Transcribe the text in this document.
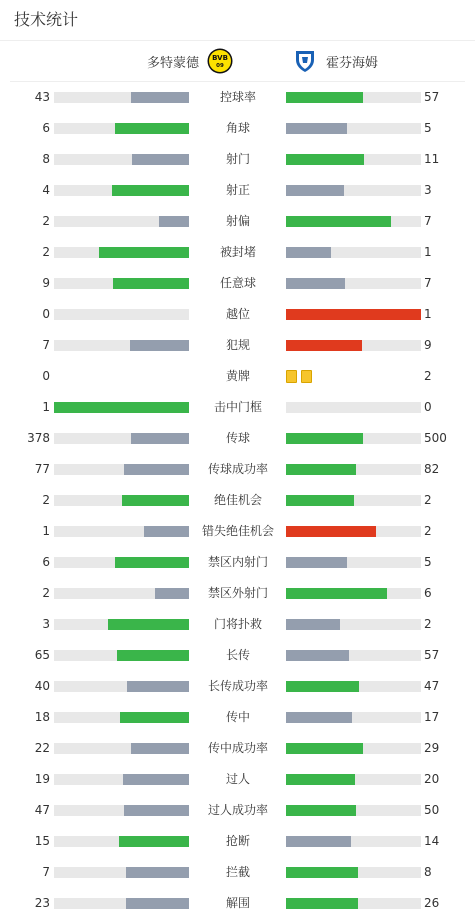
技术统计
多特蒙德 BVB
09	霍芬海姆
43	控球率	57
6	角球	5
8	射门	11
4	射正	3
2	射偏	7
2	被封堵	1
9	任意球	7
0	越位	1
7	犯规	9
0	黄牌	2
1	击中门框	0
378	传球	500
77	传球成功率	82
2	绝佳机会	2
1	错失绝佳机会	2
6	禁区内射门	5
2	禁区外射门	6
3	门将扑救	2
65	长传	57
40	长传成功率	47
18	传中	17
22	传中成功率	29
19	过人	20
47	过人成功率	50
15	抢断	14
7	拦截	8
23	解围	26
